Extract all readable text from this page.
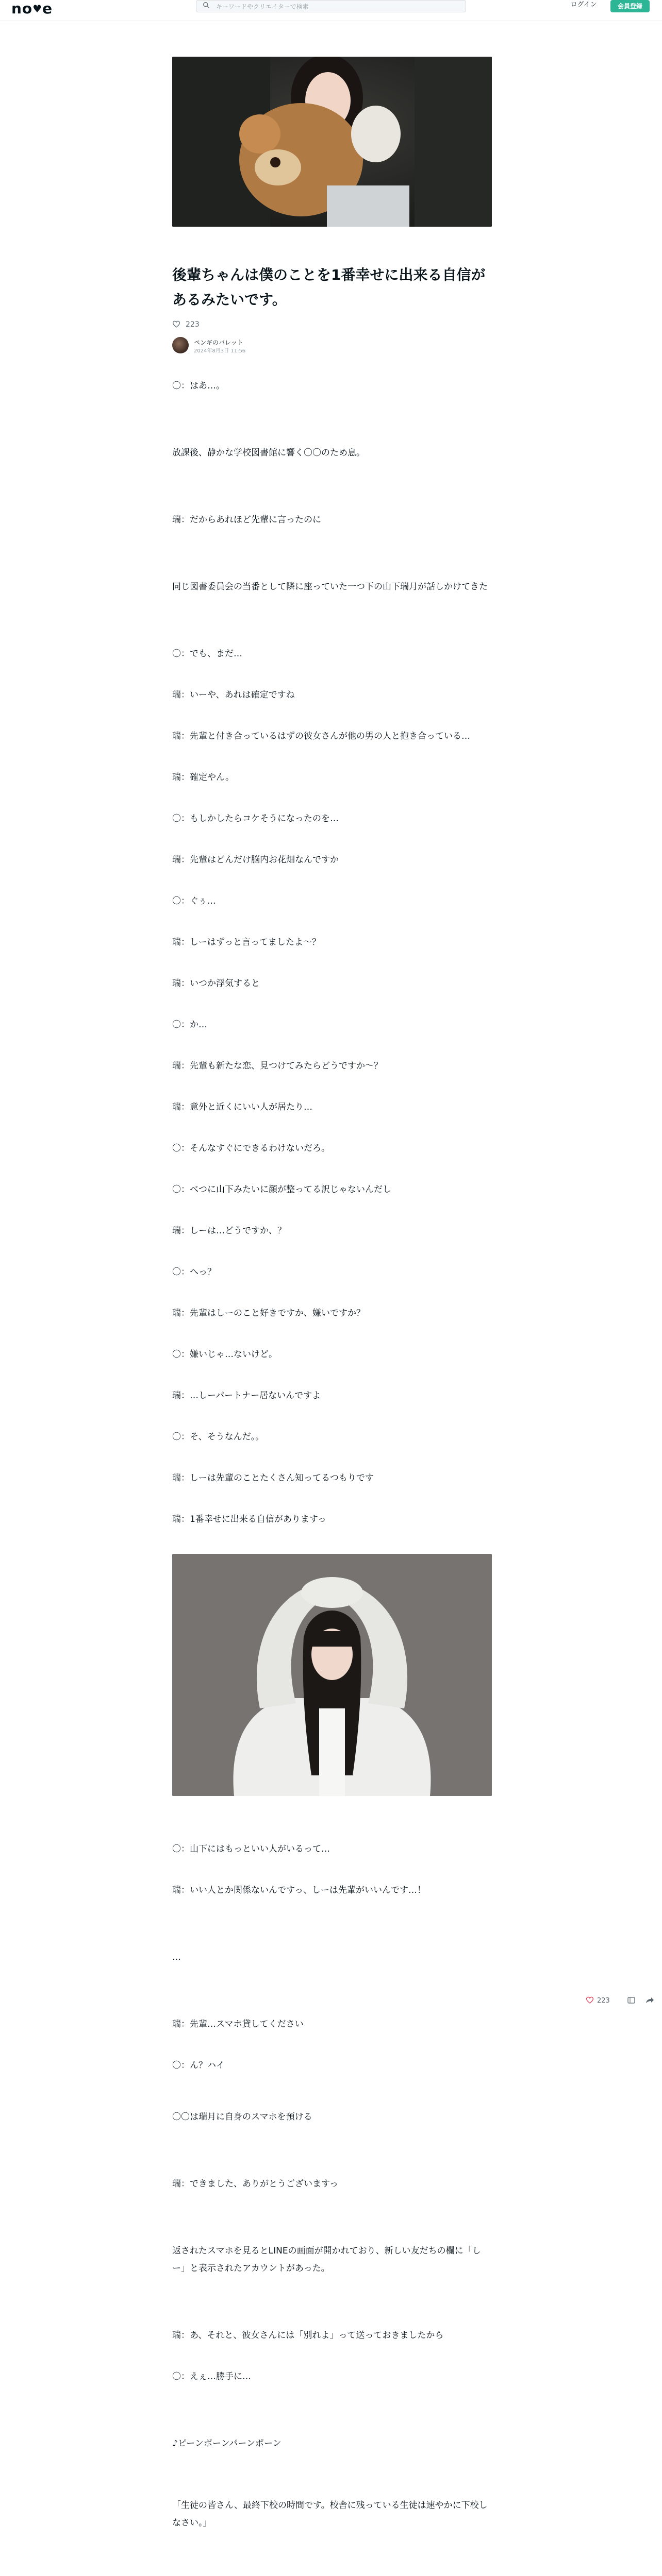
no♥e
キーワードやクリエイターで検索	ログイン	会員登録
後輩ちゃんは僕のことを1番幸せに出来る自信があるみたいです。
223
ペンギのバレット
2024年8月3日 11:56

〇：はあ…。

放課後、静かな学校図書館に響く〇〇のため息。

瑞：だからあれほど先輩に言ったのに

同じ図書委員会の当番として隣に座っていた一つ下の山下瑞月が話しかけてきた

〇：でも、まだ…

瑞：いーや、あれは確定ですね

瑞：先輩と付き合っているはずの彼女さんが他の男の人と抱き合っている…

瑞：確定やん。

〇：もしかしたらコケそうになったのを…

瑞：先輩はどんだけ脳内お花畑なんですか

〇：ぐぅ…

瑞：しーはずっと言ってましたよ〜？

瑞：いつか浮気すると

〇：か…

瑞：先輩も新たな恋、見つけてみたらどうですか〜？

瑞：意外と近くにいい人が居たり…

〇：そんなすぐにできるわけないだろ。

〇：べつに山下みたいに顔が整ってる訳じゃないんだし

瑞：しーは…どうですか、？

〇：へっ？

瑞：先輩はしーのこと好きですか、嫌いですか？

〇：嫌いじゃ…ないけど。

瑞：…しーパートナー居ないんですよ

〇：そ、そうなんだ。。

瑞：しーは先輩のことたくさん知ってるつもりです

瑞：1番幸せに出来る自信がありますっ

〇：山下にはもっといい人がいるって…

瑞：いい人とか関係ないんですっ、しーは先輩がいいんです…！

…

瑞：先輩…スマホ貸してください

〇：ん？ハイ

〇〇は瑞月に自身のスマホを預ける

瑞：できました、ありがとうございますっ

返されたスマホを見るとLINEの画面が開かれており、新しい友だちの欄に「しー」と表示されたアカウントがあった。

瑞：あ、それと、彼女さんには「別れよ」って送っておきましたから

〇：えぇ…勝手に…

♪ピーンポーンパーンポーン

「生徒の皆さん、最終下校の時間です。校舎に残っている生徒は速やかに下校しなさい。」

223
